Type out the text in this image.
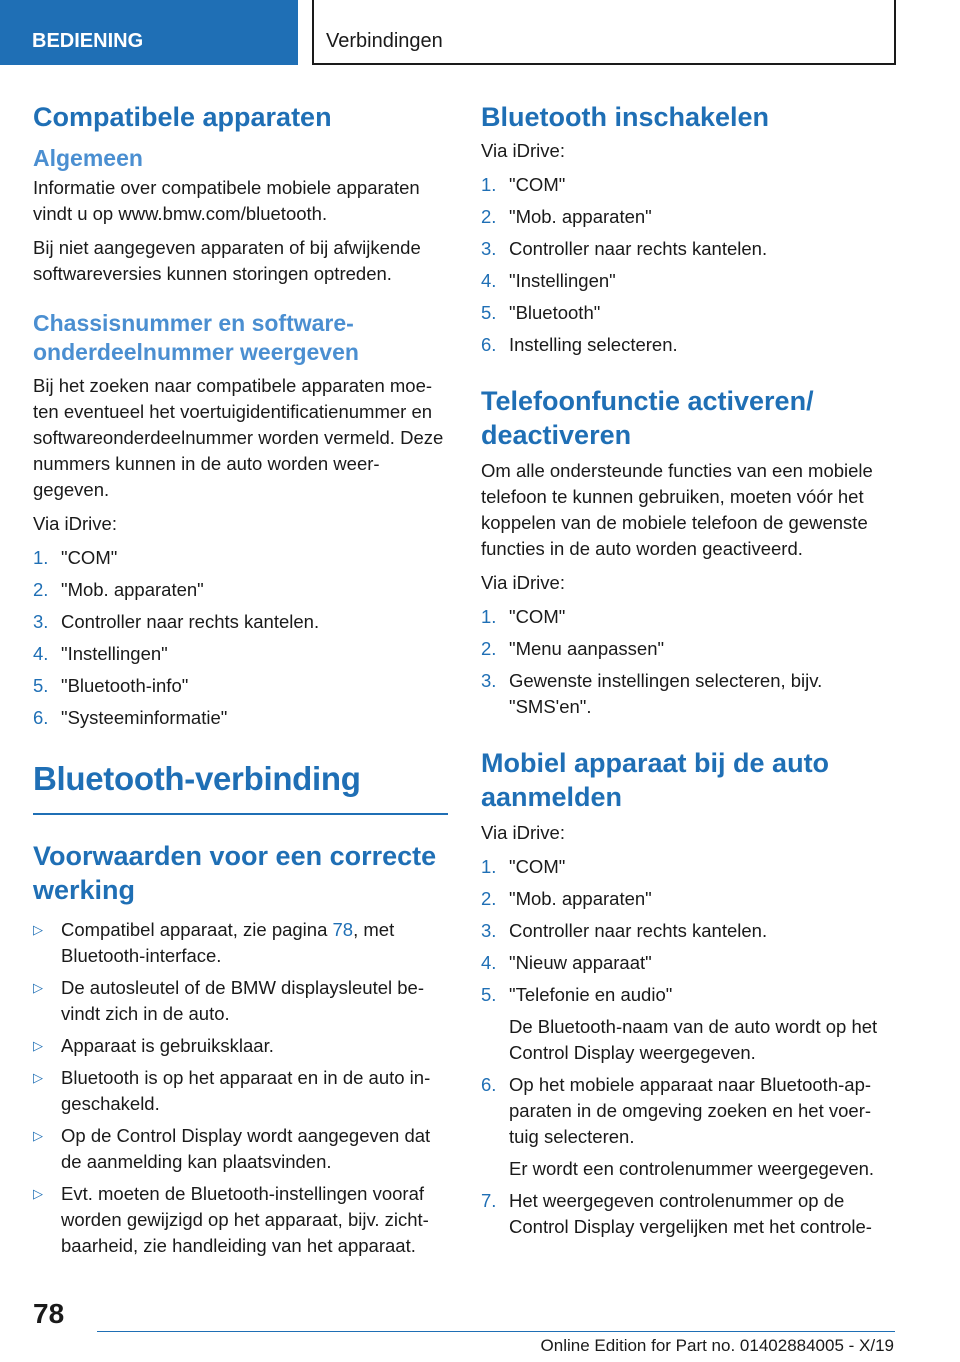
BEDIENING	Verbindingen
Compatibele apparaten
Algemeen

Informatie over compatibele mobiele apparaten vindt u op www.bmw.com/bluetooth.

Bij niet aangegeven apparaten of bij afwijkende softwareversies kunnen storingen optreden.

Chassisnummer en software-onderdeelnummer weergeven

Bij het zoeken naar compatibele apparaten moe-ten eventueel het voertuigidentificatienummer en softwareonderdeelnummer worden vermeld. Deze nummers kunnen in de auto worden weer-gegeven.

Via iDrive:

1. "COM"
2. "Mob. apparaten"
3. Controller naar rechts kantelen.
4. "Instellingen"
5. "Bluetooth-info"
6. "Systeeminformatie"
Bluetooth-verbinding
Voorwaarden voor een correcte werking
▷ Compatibel apparaat, zie pagina 78, met Bluetooth-interface.
▷ De autosleutel of de BMW displaysleutel be-vindt zich in de auto.
▷ Apparaat is gebruiksklaar.
▷ Bluetooth is op het apparaat en in de auto in-geschakeld.
▷ Op de Control Display wordt aangegeven dat de aanmelding kan plaatsvinden.
▷ Evt. moeten de Bluetooth-instellingen vooraf worden gewijzigd op het apparaat, bijv. zicht-baarheid, zie handleiding van het apparaat.
Bluetooth inschakelen

Via iDrive:

1. "COM"
2. "Mob. apparaten"
3. Controller naar rechts kantelen.
4. "Instellingen"
5. "Bluetooth"
6. Instelling selecteren.
Telefoonfunctie activeren/ deactiveren

Om alle ondersteunde functies van een mobiele telefoon te kunnen gebruiken, moeten vóór het koppelen van de mobiele telefoon de gewenste functies in de auto worden geactiveerd.

Via iDrive:

1. "COM"
2. "Menu aanpassen"
3. Gewenste instellingen selecteren, bijv. "SMS'en".
Mobiel apparaat bij de auto aanmelden

Via iDrive:

1. "COM"
2. "Mob. apparaten"
3. Controller naar rechts kantelen.
4. "Nieuw apparaat"
5. "Telefonie en audio"
De Bluetooth-naam van de auto wordt op het Control Display weergegeven.
6. Op het mobiele apparaat naar Bluetooth-ap-paraten in de omgeving zoeken en het voer-tuig selecteren.
Er wordt een controlenummer weergegeven.
7. Het weergegeven controlenummer op de Control Display vergelijken met het controle-
78
Online Edition for Part no. 01402884005 - X/19
